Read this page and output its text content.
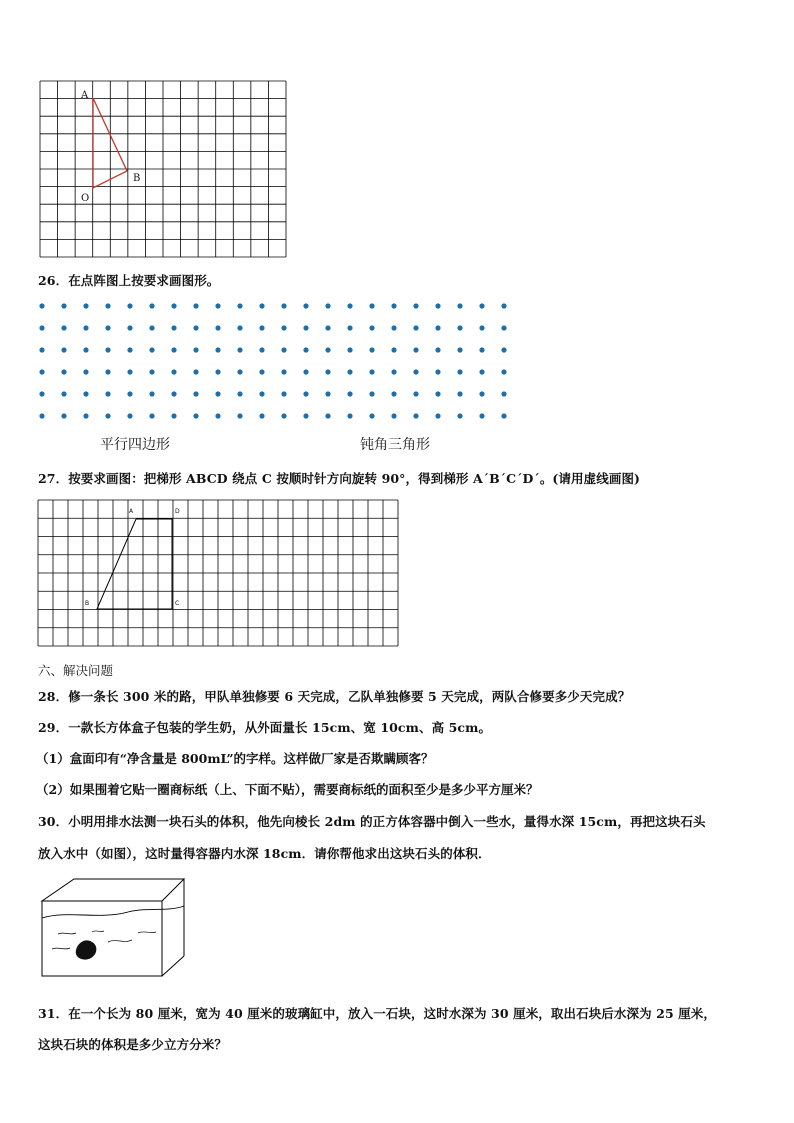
A
B
O
26．在点阵图上按要求画图形。
平行四边形	钝角三角形
27．按要求画图：把梯形 ABCD 绕点 C 按顺时针方向旋转 90°，得到梯形 A´B´C´D´。(请用虚线画图)
A	D
B	C
六、解决问题
28．修一条长 300 米的路，甲队单独修要 6 天完成，乙队单独修要 5 天完成，两队合修要多少天完成？
29．一款长方体盒子包装的学生奶，从外面量长 15cm、宽 10cm、高 5cm。
（1）盒面印有“净含量是 800mL”的字样。这样做厂家是否欺瞒顾客？
（2）如果围着它贴一圈商标纸（上、下面不贴），需要商标纸的面积至少是多少平方厘米？
30．小明用排水法测一块石头的体积，他先向棱长 2dm 的正方体容器中倒入一些水，量得水深 15cm，再把这块石头
放入水中（如图），这时量得容器内水深 18cm．请你帮他求出这块石头的体积．
31．在一个长为 80 厘米，宽为 40 厘米的玻璃缸中，放入一石块，这时水深为 30 厘米，取出石块后水深为 25 厘米，
这块石块的体积是多少立方分米？
